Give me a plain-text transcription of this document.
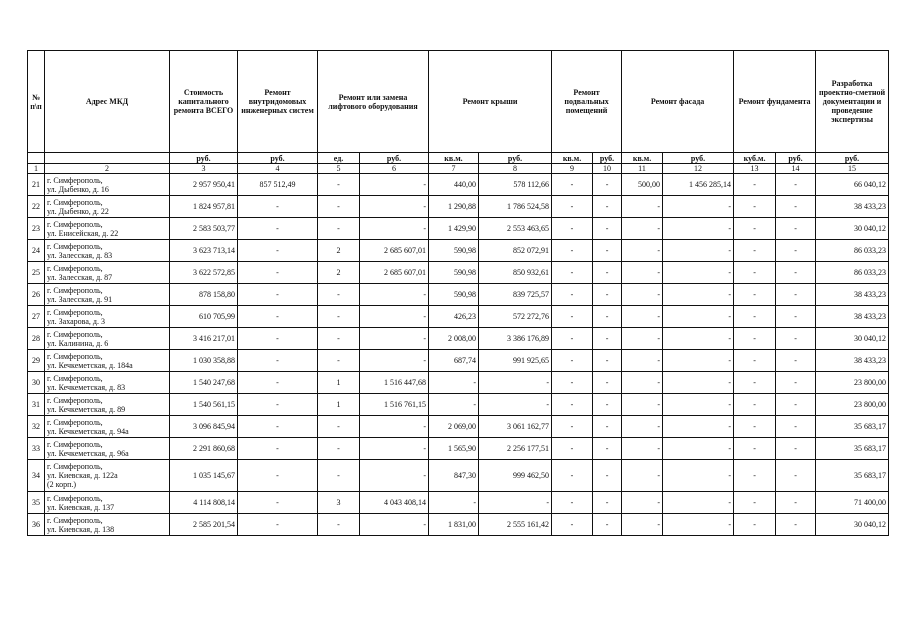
№ п\п	Адрес МКД	Стоимость капитального ремонта ВСЕГО	Ремонт внутридомовых инженерных систем	Ремонт или замена лифтового оборудования		Ремонт крыши		Ремонт подвальных помещений		Ремонт фасада		Ремонт фундамента		Разработка проектно-сметной документации и проведение экспертизы
		руб.	руб.	ед.	руб.	кв.м.	руб.	кв.м.	руб.	кв.м.	руб.	куб.м.	руб.	руб.
1	2	3	4	5	6	7	8	9	10	11	12	13	14	15
21	г. Симферополь,
ул. Дыбенко, д. 16	2 957 950,41	857 512,49	-	-	440,00	578 112,66	-	-	500,00	1 456 285,14	-	-	66 040,12
22	г. Симферополь,
ул. Дыбенко, д. 22	1 824 957,81	-	-	-	1 290,88	1 786 524,58	-	-	-	-	-	-	38 433,23
23	г. Симферополь,
ул. Енисейская, д. 22	2 583 503,77	-	-	-	1 429,90	2 553 463,65	-	-	-	-	-	-	30 040,12
24	г. Симферополь,
ул. Залесская, д. 83	3 623 713,14	-	2	2 685 607,01	590,98	852 072,91	-	-	-	-	-	-	86 033,23
25	г. Симферополь,
ул. Залесская, д. 87	3 622 572,85	-	2	2 685 607,01	590,98	850 932,61	-	-	-	-	-	-	86 033,23
26	г. Симферополь,
ул. Залесская, д. 91	878 158,80	-	-	-	590,98	839 725,57	-	-	-	-	-	-	38 433,23
27	г. Симферополь,
ул. Захарова, д. 3	610 705,99	-	-	-	426,23	572 272,76	-	-	-	-	-	-	38 433,23
28	г. Симферополь,
ул. Калинина, д. 6	3 416 217,01	-	-	-	2 008,00	3 386 176,89	-	-	-	-	-	-	30 040,12
29	г. Симферополь,
ул. Кечкеметская, д. 184а	1 030 358,88	-	-	-	687,74	991 925,65	-	-	-	-	-	-	38 433,23
30	г. Симферополь,
ул. Кечкеметская, д. 83	1 540 247,68	-	1	1 516 447,68	-	-	-	-	-	-	-	-	23 800,00
31	г. Симферополь,
ул. Кечкеметская, д. 89	1 540 561,15	-	1	1 516 761,15	-	-	-	-	-	-	-	-	23 800,00
32	г. Симферополь,
ул. Кечкеметская, д. 94а	3 096 845,94	-	-	-	2 069,00	3 061 162,77	-	-	-	-	-	-	35 683,17
33	г. Симферополь,
ул. Кечкеметская, д. 96а	2 291 860,68	-	-	-	1 565,90	2 256 177,51	-	-	-	-	-	-	35 683,17
34	г. Симферополь,
ул. Киевская, д. 122а
(2 корп.)	1 035 145,67	-	-	-	847,30	999 462,50	-	-	-	-	-	-	35 683,17
35	г. Симферополь,
ул. Киевская, д. 137	4 114 808,14	-	3	4 043 408,14	-	-	-	-	-	-	-	-	71 400,00
36	г. Симферополь,
ул. Киевская, д. 138	2 585 201,54	-	-	-	1 831,00	2 555 161,42	-	-	-	-	-	-	30 040,12
